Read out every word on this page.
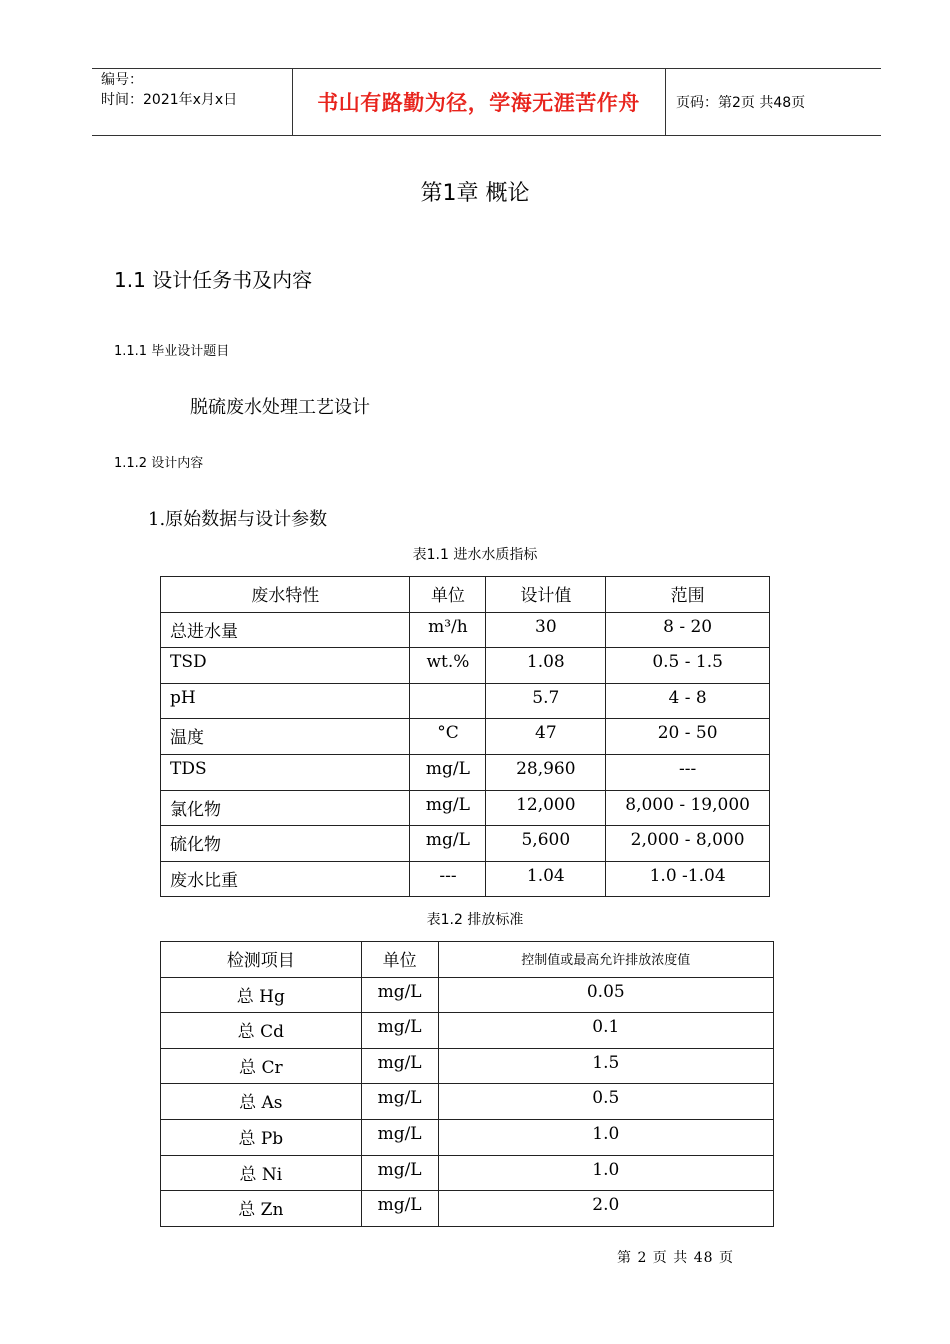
编号：
时间：2021年x月x日	书山有路勤为径，学海无涯苦作舟	页码：第2页 共48页
第1章 概论
1.1 设计任务书及内容
1.1.1 毕业设计题目
脱硫废水处理工艺设计
1.1.2 设计内容
1.原始数据与设计参数
表1.1 进水水质指标
废水特性	单位	设计值	范围
总进水量	m³/h	30	8 - 20
TSD	wt.%	1.08	0.5 - 1.5
pH		5.7	4 - 8
温度	°C	47	20 - 50
TDS	mg/L	28,960	---
氯化物	mg/L	12,000	8,000 - 19,000
硫化物	mg/L	5,600	2,000 - 8,000
废水比重	---	1.04	1.0 -1.04
表1.2 排放标准
检测项目	单位	控制值或最高允许排放浓度值
总 Hg	mg/L	0.05
总 Cd	mg/L	0.1
总 Cr	mg/L	1.5
总 As	mg/L	0.5
总 Pb	mg/L	1.0
总 Ni	mg/L	1.0
总 Zn	mg/L	2.0
第 2 页 共 48 页
